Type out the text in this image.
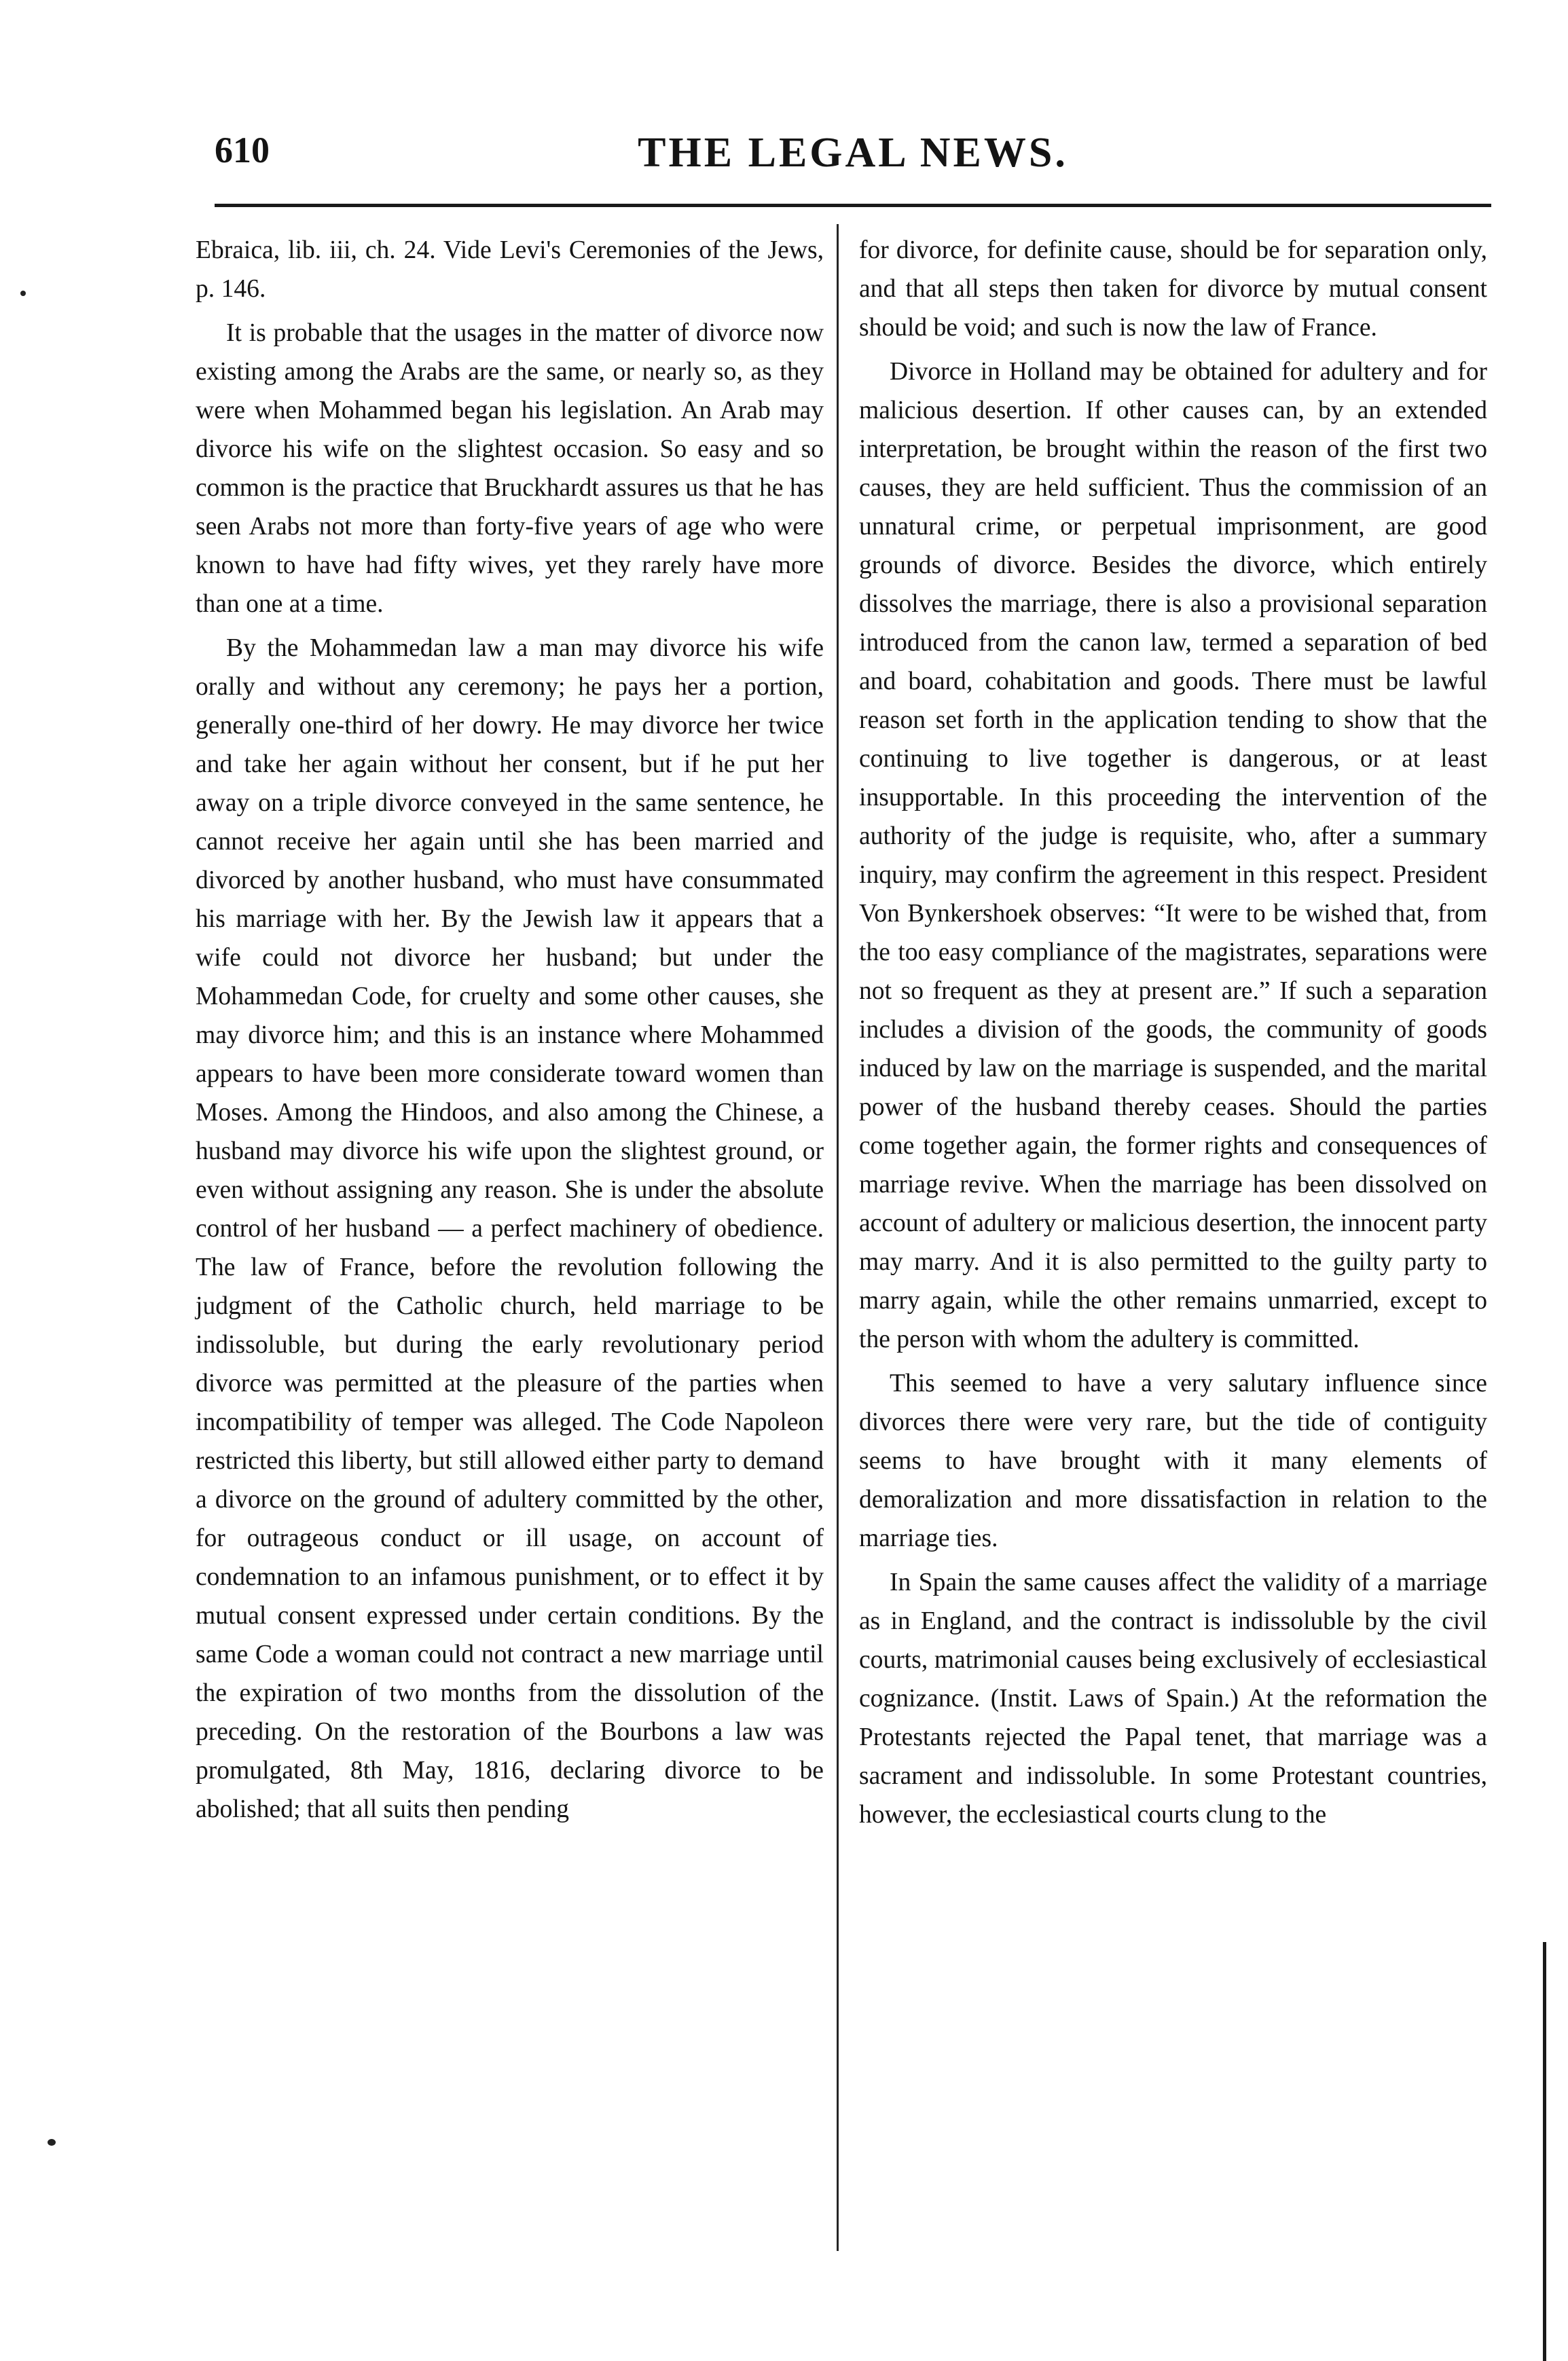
610	THE LEGAL NEWS.

Ebraica, lib. iii, ch. 24. Vide Levi's Ceremonies of the Jews, p. 146.

It is probable that the usages in the matter of divorce now existing among the Arabs are the same, or nearly so, as they were when Mohammed began his legislation. An Arab may divorce his wife on the slightest occasion. So easy and so common is the practice that Bruckhardt assures us that he has seen Arabs not more than forty-five years of age who were known to have had fifty wives, yet they rarely have more than one at a time.

By the Mohammedan law a man may divorce his wife orally and without any ceremony; he pays her a portion, generally one-third of her dowry. He may divorce her twice and take her again without her consent, but if he put her away on a triple divorce conveyed in the same sentence, he cannot receive her again until she has been married and divorced by another husband, who must have consummated his marriage with her. By the Jewish law it appears that a wife could not divorce her husband; but under the Mohammedan Code, for cruelty and some other causes, she may divorce him; and this is an instance where Mohammed appears to have been more considerate toward women than Moses. Among the Hindoos, and also among the Chinese, a husband may divorce his wife upon the slightest ground, or even without assigning any reason. She is under the absolute control of her husband — a perfect machinery of obedience. The law of France, before the revolution following the judgment of the Catholic church, held marriage to be indissoluble, but during the early revolutionary period divorce was permitted at the pleasure of the parties when incompatibility of temper was alleged. The Code Napoleon restricted this liberty, but still allowed either party to demand a divorce on the ground of adultery committed by the other, for outrageous conduct or ill usage, on account of condemnation to an infamous punishment, or to effect it by mutual consent expressed under certain conditions. By the same Code a woman could not contract a new marriage until the expiration of two months from the dissolution of the preceding. On the restoration of the Bourbons a law was promulgated, 8th May, 1816, declaring divorce to be abolished; that all suits then pending

for divorce, for definite cause, should be for separation only, and that all steps then taken for divorce by mutual consent should be void; and such is now the law of France.

Divorce in Holland may be obtained for adultery and for malicious desertion. If other causes can, by an extended interpretation, be brought within the reason of the first two causes, they are held sufficient. Thus the commission of an unnatural crime, or perpetual imprisonment, are good grounds of divorce. Besides the divorce, which entirely dissolves the marriage, there is also a provisional separation introduced from the canon law, termed a separation of bed and board, cohabitation and goods. There must be lawful reason set forth in the application tending to show that the continuing to live together is dangerous, or at least insupportable. In this proceeding the intervention of the authority of the judge is requisite, who, after a summary inquiry, may confirm the agreement in this respect. President Von Bynkershoek observes: “It were to be wished that, from the too easy compliance of the magistrates, separations were not so frequent as they at present are.” If such a separation includes a division of the goods, the community of goods induced by law on the marriage is suspended, and the marital power of the husband thereby ceases. Should the parties come together again, the former rights and consequences of marriage revive. When the marriage has been dissolved on account of adultery or malicious desertion, the innocent party may marry. And it is also permitted to the guilty party to marry again, while the other remains unmarried, except to the person with whom the adultery is committed.

This seemed to have a very salutary influence since divorces there were very rare, but the tide of contiguity seems to have brought with it many elements of demoralization and more dissatisfaction in relation to the marriage ties.

In Spain the same causes affect the validity of a marriage as in England, and the contract is indissoluble by the civil courts, matrimonial causes being exclusively of ecclesiastical cognizance. (Instit. Laws of Spain.) At the reformation the Protestants rejected the Papal tenet, that marriage was a sacrament and indissoluble. In some Protestant countries, however, the ecclesiastical courts clung to the
